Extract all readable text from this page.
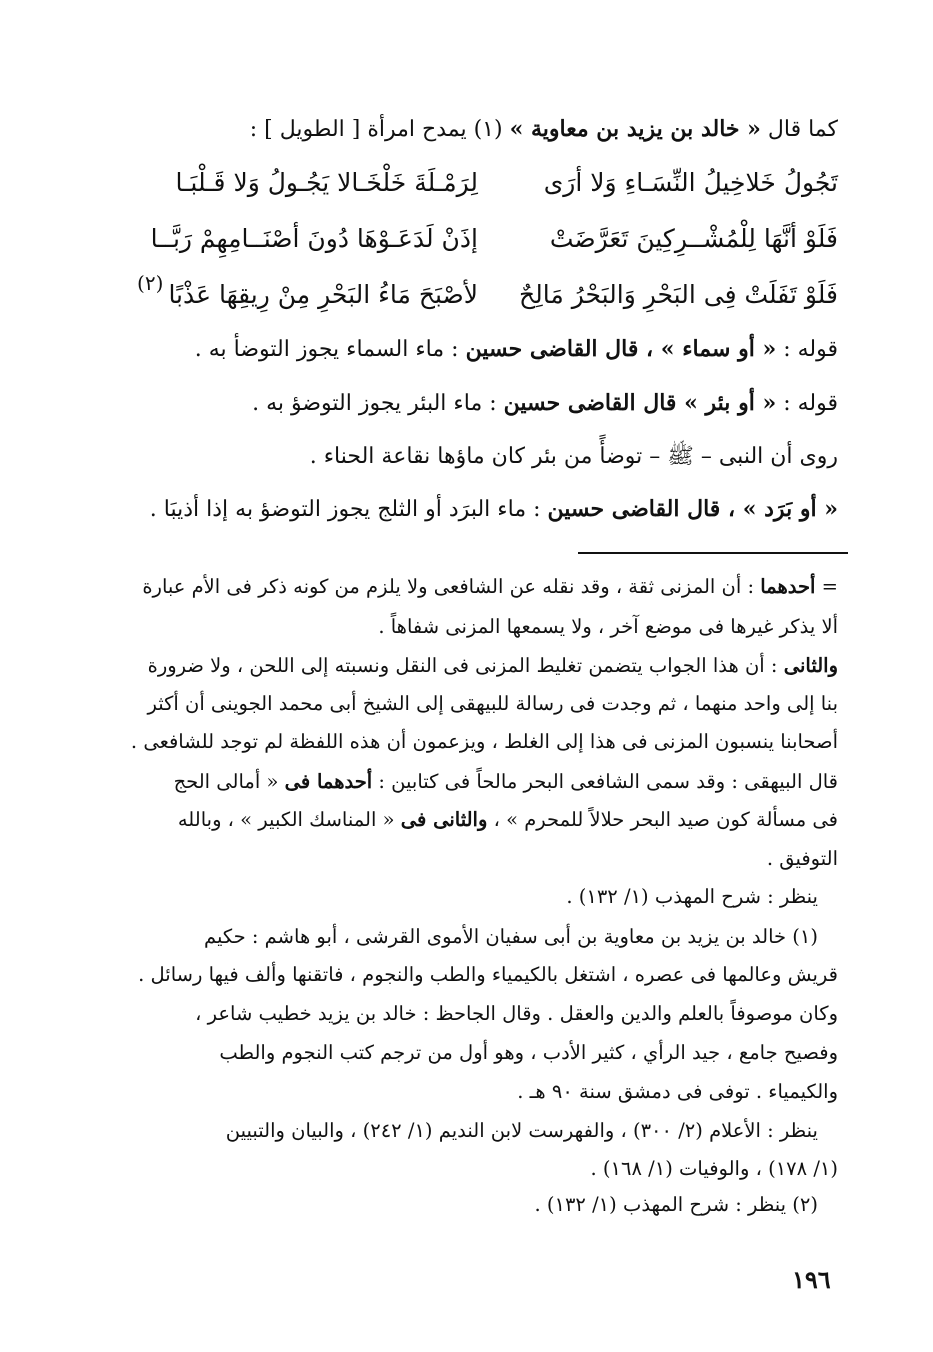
كما قال « خالد بن يزيد بن معاوية » (١) يمدح امرأة [ الطويل ] :
تَجُولُ خَلاخِيلُ النِّسَـاءِ وَلا أرَى
لِرَمْـلَةَ خَلْخَـالا يَجُـولُ وَلا قَـلْبَـا
فَلَوْ أنَّهَا لِلْمُشْــرِكِينَ تَعَرَّضَتْ
إذَنْ لَدَعَـوْهَا دُونَ أصْنَــامِهِمْ رَبَّــا
فَلَوْ تَفَلَتْ فِى البَحْرِ وَالبَحْرُ مَالِحٌ
لأصْبَحَ مَاءُ البَحْرِ مِنْ رِيقِهَا عَذْبًا
(٢)
قوله : « أو سماء » ، قال القاضى حسين : ماء السماء يجوز التوضأ به .
قوله : « أو بئر » قال القاضى حسين : ماء البئر يجوز التوضؤ به .
روى أن النبى – ﷺ – توضأً من بئر كان ماؤها نقاعة الحناء .
« أو بَرَد » ، قال القاضى حسين : ماء البرَد أو الثلج يجوز التوضؤ به إذا أذيبَا .
= أحدهما : أن المزنى ثقة ، وقد نقله عن الشافعى ولا يلزم من كونه ذكر فى الأم عبارة
ألا يذكر غيرها فى موضع آخر ، ولا يسمعها المزنى شفاهاً .
والثانى : أن هذا الجواب يتضمن تغليط المزنى فى النقل ونسبته إلى اللحن ، ولا ضرورة
بنا إلى واحد منهما ، ثم وجدت فى رسالة للبيهقى إلى الشيخ أبى محمد الجوينى أن أكثر
أصحابنا ينسبون المزنى فى هذا إلى الغلط ، ويزعمون أن هذه اللفظة لم توجد للشافعى .
قال البيهقى : وقد سمى الشافعى البحر مالحاً فى كتابين : أحدهما فى « أمالى الحج
فى مسألة كون صيد البحر حلالاً للمحرم » ، والثانى فى « المناسك الكبير » ، وبالله
التوفيق .
ينظر : شرح المهذب (١/ ١٣٢) .
(١) خالد بن يزيد بن معاوية بن أبى سفيان الأموى القرشى ، أبو هاشم : حكيم
قريش وعالمها فى عصره ، اشتغل بالكيمياء والطب والنجوم ، فاتقنها وألف فيها رسائل .
وكان موصوفاً بالعلم والدين والعقل . وقال الجاحظ : خالد بن يزيد خطيب شاعر ،
وفصيح جامع ، جيد الرأي ، كثير الأدب ، وهو أول من ترجم كتب النجوم والطب
والكيمياء . توفى فى دمشق سنة ٩٠ هـ .
ينظر : الأعلام (٢/ ٣٠٠) ، والفهرست لابن النديم (١/ ٢٤٢) ، والبيان والتبيين
(١/ ١٧٨) ، والوفيات (١/ ١٦٨) .
(٢) ينظر : شرح المهذب (١/ ١٣٢) .
١٩٦
